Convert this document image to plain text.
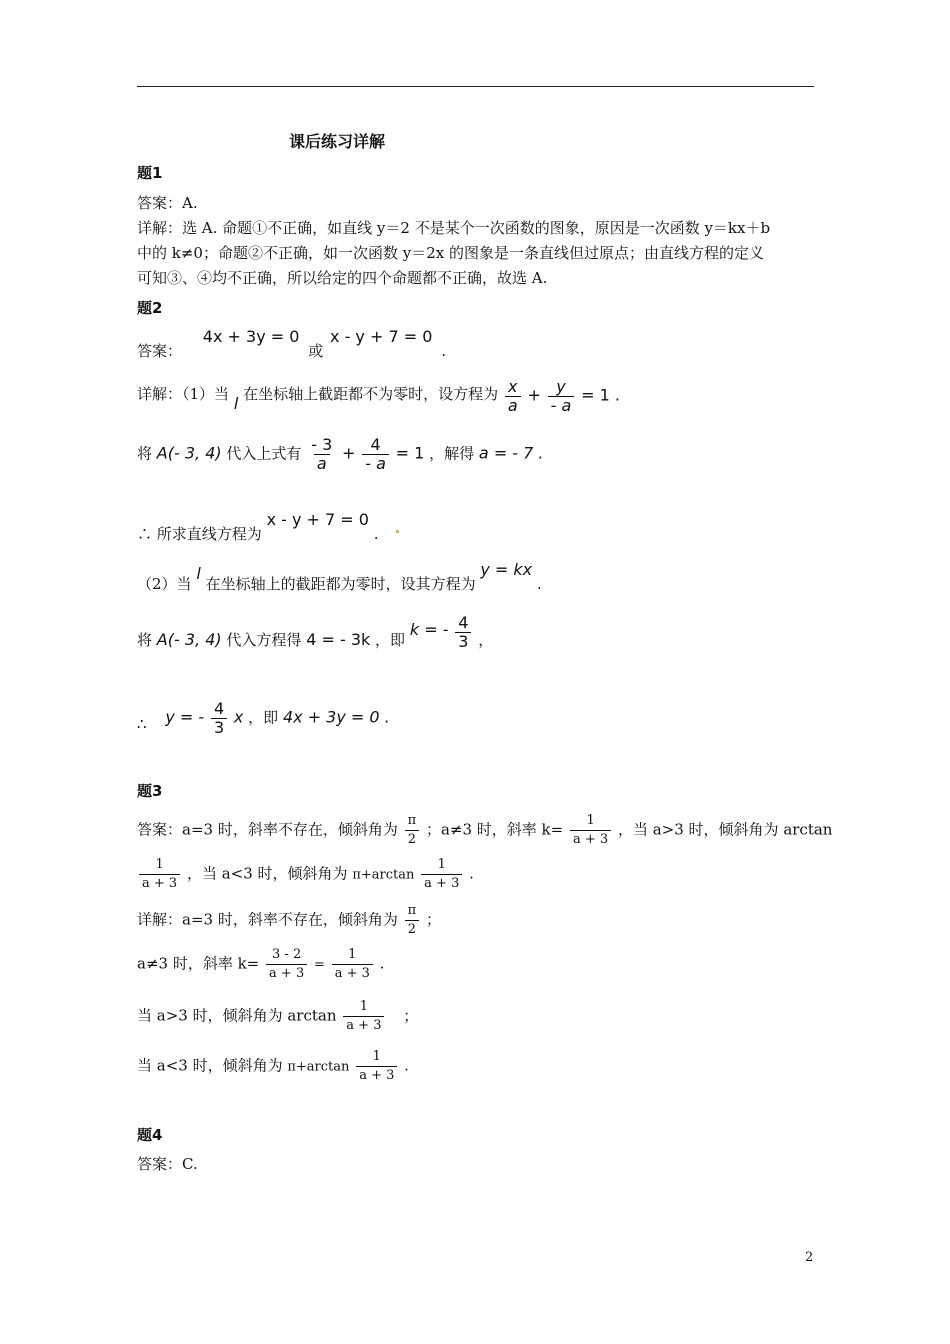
课后练习详解
题1
答案：A.
详解：选 A. 命题①不正确，如直线 y＝2 不是某个一次函数的图象，原因是一次函数 y＝kx＋b
中的 k≠0；命题②不正确，如一次函数 y＝2x 的图象是一条直线但过原点；由直线方程的定义
可知③、④均不正确，所以给定的四个命题都不正确，故选 A.
题2
答案： 4x + 3y = 0 或 x - y + 7 = 0 .
详解：（1）当 l 在坐标轴上截距都不为零时，设方程为 $\frac{x}{a} + \frac{y}{- a} = 1$ .
将 A(- 3, 4) 代入上式有 $\frac{- 3}{a} + \frac{4}{- a} = 1$ ，解得 a = - 7 .
∴ 所求直线方程为 x - y + 7 = 0 .
（2）当 l 在坐标轴上的截距都为零时，设其方程为 y = kx .
将 A(- 3, 4) 代入方程得 4 = - 3k ，即 k = - $\frac{4}{3}$ ，
∴ y = - $\frac{4}{3}$ x ，即 4x + 3y = 0 .
题3
答案：a=3 时，斜率不存在，倾斜角为 $\frac{\pi}{2}$ ；a≠3 时，斜率 $k= \frac{1}{a + 3}$ ，当 a>3 时，倾斜角为 arctan
$\frac{1}{a + 3}$ ，当 a<3 时，倾斜角为 $\pi+\arctan \frac{1}{a + 3}$ .
详解：a=3 时，斜率不存在，倾斜角为 $\frac{\pi}{2}$ ；
a≠3 时，斜率 $k= \frac{3 - 2}{a + 3} = \frac{1}{a + 3}$ .
当 a>3 时，倾斜角为 $\arctan \frac{1}{a + 3}$ ；
当 a<3 时，倾斜角为 $\pi+\arctan \frac{1}{a + 3}$ .
题4
答案：C.
2
